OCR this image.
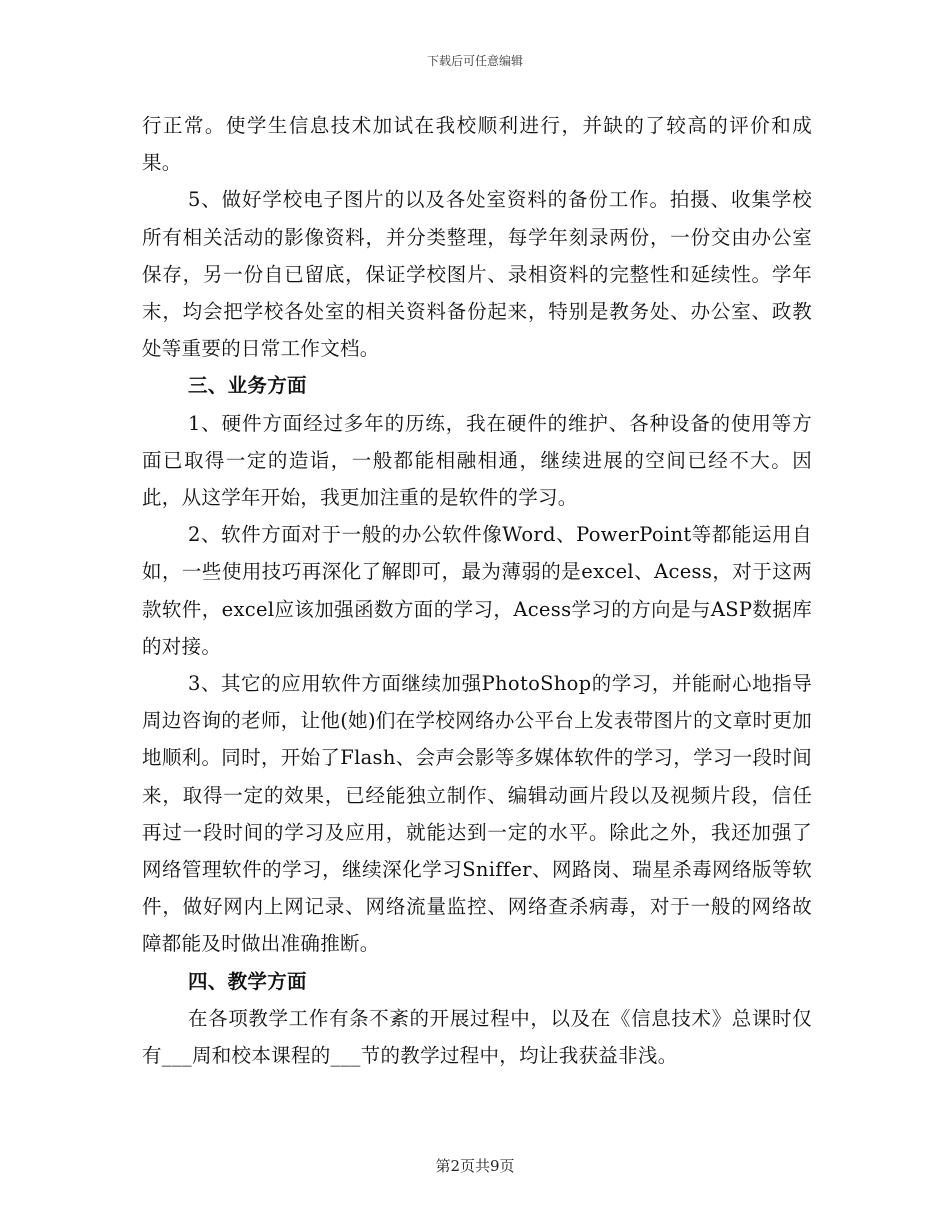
下载后可任意编辑

行正常。使学生信息技术加试在我校顺利进行，并缺的了较高的评价和成果。

5、做好学校电子图片的以及各处室资料的备份工作。拍摄、收集学校所有相关活动的影像资料，并分类整理，每学年刻录两份，一份交由办公室保存，另一份自已留底，保证学校图片、录相资料的完整性和延续性。学年末，均会把学校各处室的相关资料备份起来，特别是教务处、办公室、政教处等重要的日常工作文档。

三、业务方面

1、硬件方面经过多年的历练，我在硬件的维护、各种设备的使用等方面已取得一定的造诣，一般都能相融相通，继续进展的空间已经不大。因此，从这学年开始，我更加注重的是软件的学习。

2、软件方面对于一般的办公软件像Word、PowerPoint等都能运用自如，一些使用技巧再深化了解即可，最为薄弱的是excel、Acess，对于这两款软件，excel应该加强函数方面的学习，Acess学习的方向是与ASP数据库的对接。

3、其它的应用软件方面继续加强PhotoShop的学习，并能耐心地指导周边咨询的老师，让他(她)们在学校网络办公平台上发表带图片的文章时更加地顺利。同时，开始了Flash、会声会影等多媒体软件的学习，学习一段时间来，取得一定的效果，已经能独立制作、编辑动画片段以及视频片段，信任再过一段时间的学习及应用，就能达到一定的水平。除此之外，我还加强了网络管理软件的学习，继续深化学习Sniffer、网路岗、瑞星杀毒网络版等软件，做好网内上网记录、网络流量监控、网络查杀病毒，对于一般的网络故障都能及时做出准确推断。

四、教学方面

在各项教学工作有条不紊的开展过程中，以及在《信息技术》总课时仅有___周和校本课程的___节的教学过程中，均让我获益非浅。

第2页共9页
